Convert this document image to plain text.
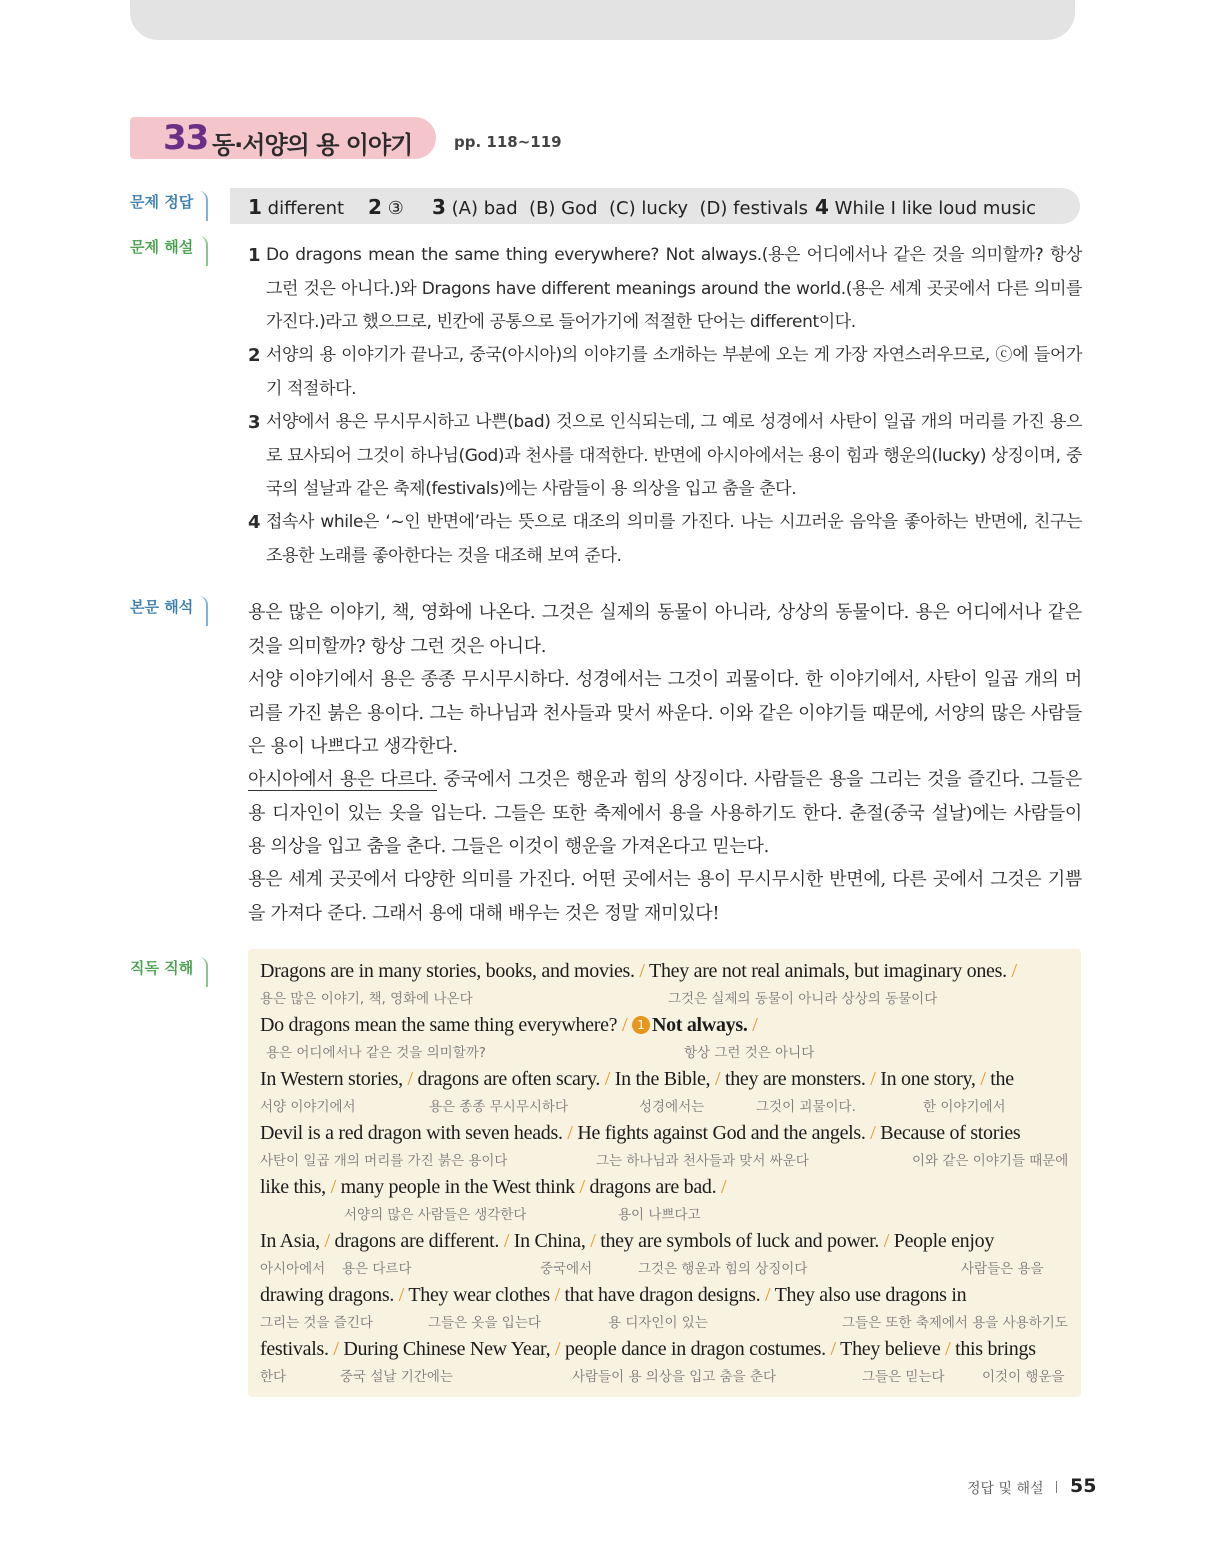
33 동·서양의 용 이야기	pp. 118~119
문제 정답
문제 해설
본문 해석
직독 직해
1 different 2 ③ 3 (A) bad  (B) God  (C) lucky  (D) festivals 4 While I like loud music
1 Do dragons mean the same thing everywhere? Not always.(용은 어디에서나 같은 것을 의미할까? 항상 그런 것은 아니다.)와 Dragons have different meanings around the world.(용은 세계 곳곳에서 다른 의미를 가진다.)라고 했으므로, 빈칸에 공통으로 들어가기에 적절한 단어는 different이다.
2 서양의 용 이야기가 끝나고, 중국(아시아)의 이야기를 소개하는 부분에 오는 게 가장 자연스러우므로, ⓒ에 들어가기 적절하다.
3 서양에서 용은 무시무시하고 나쁜(bad) 것으로 인식되는데, 그 예로 성경에서 사탄이 일곱 개의 머리를 가진 용으로 묘사되어 그것이 하나님(God)과 천사를 대적한다. 반면에 아시아에서는 용이 힘과 행운의(lucky) 상징이며, 중국의 설날과 같은 축제(festivals)에는 사람들이 용 의상을 입고 춤을 춘다.
4 접속사 while은 ‘~인 반면에’라는 뜻으로 대조의 의미를 가진다. 나는 시끄러운 음악을 좋아하는 반면에, 친구는 조용한 노래를 좋아한다는 것을 대조해 보여 준다.
용은 많은 이야기, 책, 영화에 나온다. 그것은 실제의 동물이 아니라, 상상의 동물이다. 용은 어디에서나 같은 것을 의미할까? 항상 그런 것은 아니다.
서양 이야기에서 용은 종종 무시무시하다. 성경에서는 그것이 괴물이다. 한 이야기에서, 사탄이 일곱 개의 머리를 가진 붉은 용이다. 그는 하나님과 천사들과 맞서 싸운다. 이와 같은 이야기들 때문에, 서양의 많은 사람들은 용이 나쁘다고 생각한다.
아시아에서 용은 다르다. 중국에서 그것은 행운과 힘의 상징이다. 사람들은 용을 그리는 것을 즐긴다. 그들은 용 디자인이 있는 옷을 입는다. 그들은 또한 축제에서 용을 사용하기도 한다. 춘절(중국 설날)에는 사람들이 용 의상을 입고 춤을 춘다. 그들은 이것이 행운을 가져온다고 믿는다.
용은 세계 곳곳에서 다양한 의미를 가진다. 어떤 곳에서는 용이 무시무시한 반면에, 다른 곳에서 그것은 기쁨을 가져다 준다. 그래서 용에 대해 배우는 것은 정말 재미있다!
Dragons are in many stories, books, and movies. / They are not real animals, but imaginary ones. /
용은 많은 이야기, 책, 영화에 나온다	그것은 실제의 동물이 아니라 상상의 동물이다
Do dragons mean the same thing everywhere? / 1 Not always. /
용은 어디에서나 같은 것을 의미할까?	항상 그런 것은 아니다
In Western stories, / dragons are often scary. / In the Bible, / they are monsters. / In one story, / the
서양 이야기에서	용은 종종 무시무시하다	성경에서는	그것이 괴물이다.	한 이야기에서
Devil is a red dragon with seven heads. / He fights against God and the angels. / Because of stories
사탄이 일곱 개의 머리를 가진 붉은 용이다	그는 하나님과 천사들과 맞서 싸운다	이와 같은 이야기들 때문에
like this, / many people in the West think / dragons are bad. /
서양의 많은 사람들은 생각한다	용이 나쁘다고
In Asia, / dragons are different. / In China, / they are symbols of luck and power. / People enjoy
아시아에서 용은 다르다	중국에서	그것은 행운과 힘의 상징이다	사람들은 용을
drawing dragons. / They wear clothes / that have dragon designs. / They also use dragons in
그리는 것을 즐긴다	그들은 옷을 입는다	용 디자인이 있는	그들은 또한 축제에서 용을 사용하기도
festivals. / During Chinese New Year, / people dance in dragon costumes. / They believe / this brings
한다	중국 설날 기간에는	사람들이 용 의상을 입고 춤을 춘다	그들은 믿는다	이것이 행운을
정답 및 해설 55
